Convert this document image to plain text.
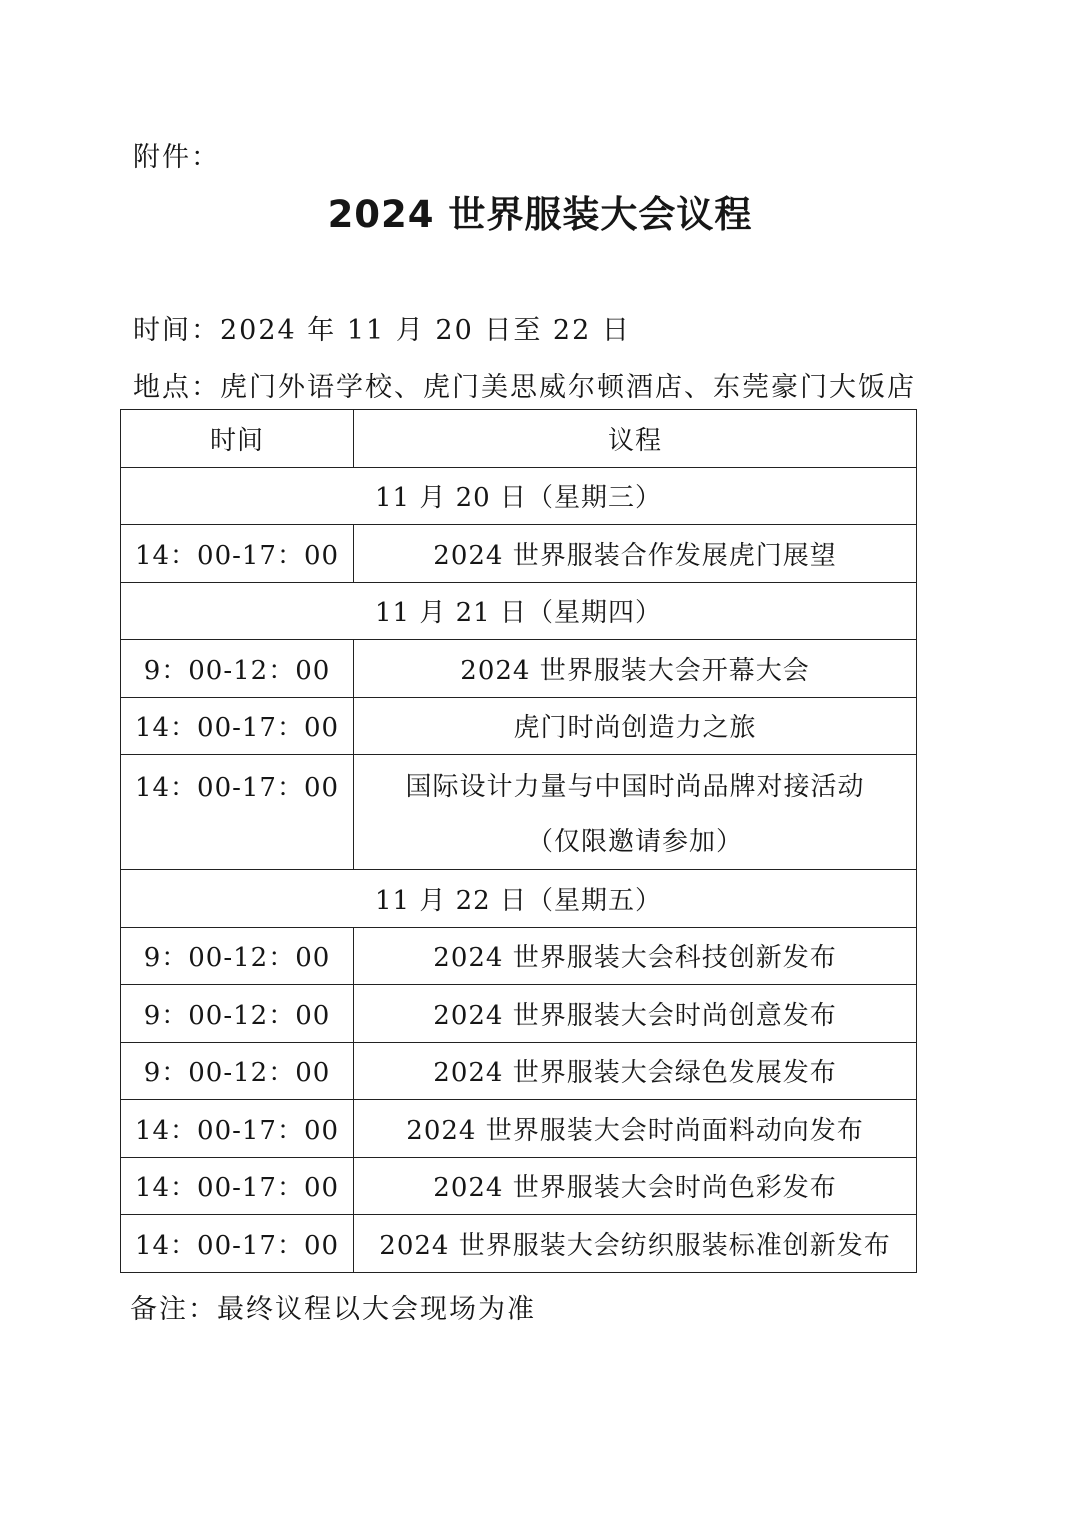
附件：
2024 世界服装大会议程
时间：2024 年 11 月 20 日至 22 日
地点：虎门外语学校、虎门美思威尔顿酒店、东莞豪门大饭店
时间	议程
11 月 20 日（星期三）	
14：00-17：00	2024 世界服装合作发展虎门展望
11 月 21 日（星期四）	
9：00-12：00	2024 世界服装大会开幕大会
14：00-17：00	虎门时尚创造力之旅
14：00-17：00	国际设计力量与中国时尚品牌对接活动
（仅限邀请参加）

11 月 22 日（星期五）	
9：00-12：00	2024 世界服装大会科技创新发布
9：00-12：00	2024 世界服装大会时尚创意发布
9：00-12：00	2024 世界服装大会绿色发展发布
14：00-17：00	2024 世界服装大会时尚面料动向发布
14：00-17：00	2024 世界服装大会时尚色彩发布
14：00-17：00	2024 世界服装大会纺织服装标准创新发布
备注：最终议程以大会现场为准
